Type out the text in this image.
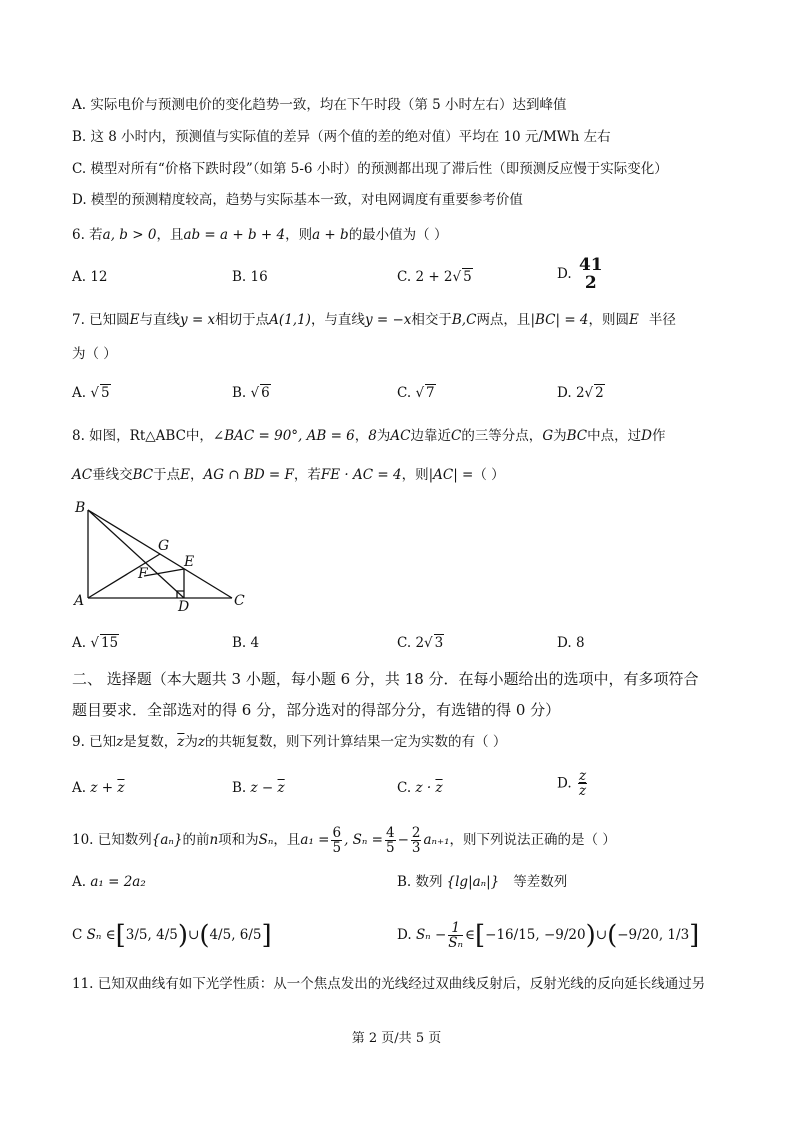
A. 实际电价与预测电价的变化趋势一致，均在下午时段（第 5 小时左右）达到峰值
B. 这 8 小时内，预测值与实际值的差异（两个值的差的绝对值）平均在 10 元/MWh 左右
C. 模型对所有“价格下跌时段”（如第 5-6 小时）的预测都出现了滞后性（即预测反应慢于实际变化）
D. 模型的预测精度较高，趋势与实际基本一致，对电网调度有重要参考价值
6. 若a, b > 0，且ab = a + b + 4，则a + b的最小值为（ ）
A. 12	B. 16	C. 2 + 2√ 5	D. 41
2
7. 已知圆E与直线y = x相切于点A(1,1)，与直线y = −x相交于B,C两点，且|BC| = 4，则圆E 半径
为（ ）
A. √ 5	B. √ 6	C. √ 7	D. 2√ 2
8. 如图，Rt△ABC中，∠BAC = 90°, AB = 6，8为AC边靠近C的三等分点，G为BC中点，过D作
AC垂线交BC于点E，AG ∩ BD = F，若FE · AC = 4，则|AC| =（ ）
B
G
E
F
A	D	C
A. √ 15	B. 4	C. 2√ 3	D. 8
二、 选择题（本大题共 3 小题，每小题 6 分，共 18 分．在每小题给出的选项中，有多项符合
题目要求．全部选对的得 6 分，部分选对的得部分分，有选错的得 0 分）
9. 已知z是复数，$\overline{z}$为z的共轭复数，则下列计算结果一定为实数的有（ ）
A. $z + \overline{z}$	B. $z - \overline{z}$	C. $z \cdot \overline{z}$	D. $\frac{z}{z}$
10. 已知数列{aₙ}的前n项和为Sₙ，且$a_1 = \frac{6}{5}$ , $S_n = \frac{4}{5} - \frac{2}{3} a_{n+1}$，则下列说法正确的是（ ）
A. a₁ = 2a₂	B. 数列 {lg|aₙ|} 等差数列
C Sₙ ∈[3/5, 4/5)∪(4/5, 6/5]	D. $S_n - \frac{1}{\text{Sₙ}}$ ∈[−16/15, −9/20)∪(−9/20, 1/3]
11. 已知双曲线有如下光学性质：从一个焦点发出的光线经过双曲线反射后，反射光线的反向延长线通过另
第 2 页/共 5 页
